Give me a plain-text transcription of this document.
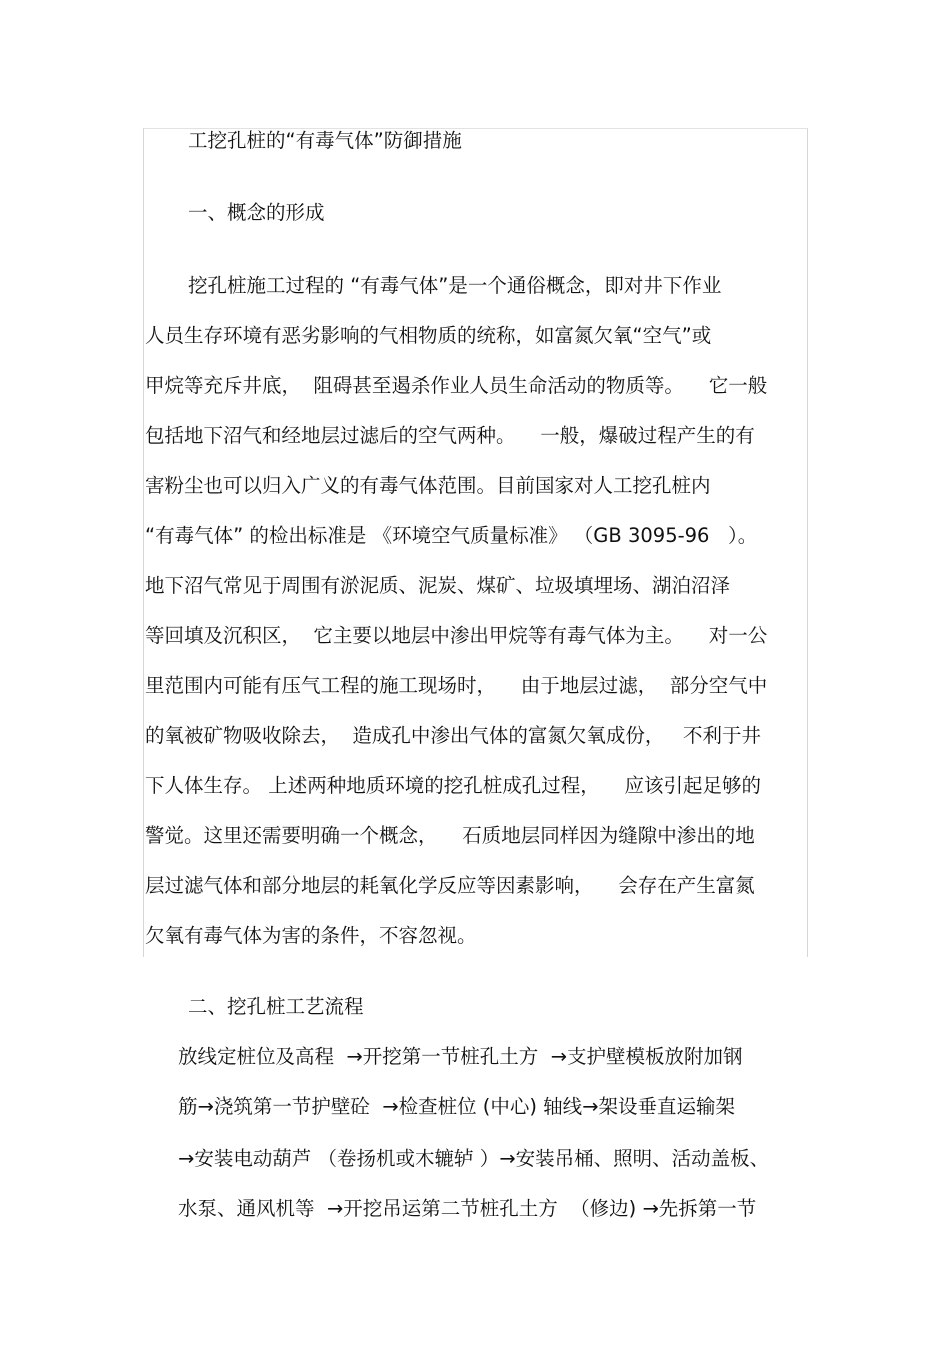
工挖孔桩的“有毒气体”防御措施
一、概念的形成
挖孔桩施工过程的 “有毒气体”是一个通俗概念，即对井下作业
人员生存环境有恶劣影响的气相物质的统称，如富氮欠氧“空气”或
甲烷等充斥井底，  阻碍甚至遏杀作业人员生命活动的物质等。    它一般
包括地下沼气和经地层过滤后的空气两种。    一般，爆破过程产生的有
害粉尘也可以归入广义的有毒气体范围。目前国家对人工挖孔桩内
“有毒气体” 的检出标准是 《环境空气质量标准》 （GB 3095-96   ）。
地下沼气常见于周围有淤泥质、泥炭、煤矿、垃圾填埋场、湖泊沼泽
等回填及沉积区，  它主要以地层中渗出甲烷等有毒气体为主。    对一公
里范围内可能有压气工程的施工现场时，    由于地层过滤，  部分空气中
的氧被矿物吸收除去，  造成孔中渗出气体的富氮欠氧成份，   不利于井
下人体生存。 上述两种地质环境的挖孔桩成孔过程，    应该引起足够的
警觉。这里还需要明确一个概念，    石质地层同样因为缝隙中渗出的地
层过滤气体和部分地层的耗氧化学反应等因素影响，    会存在产生富氮
欠氧有毒气体为害的条件，不容忽视。
二、挖孔桩工艺流程
放线定桩位及高程  →开挖第一节桩孔土方  →支护壁模板放附加钢
筋→浇筑第一节护壁砼  →检查桩位 (中心) 轴线→架设垂直运输架
→安装电动葫芦 （卷扬机或木辘轳 ）→安装吊桶、照明、活动盖板、
水泵、通风机等  →开挖吊运第二节桩孔土方  （修边) →先拆第一节
